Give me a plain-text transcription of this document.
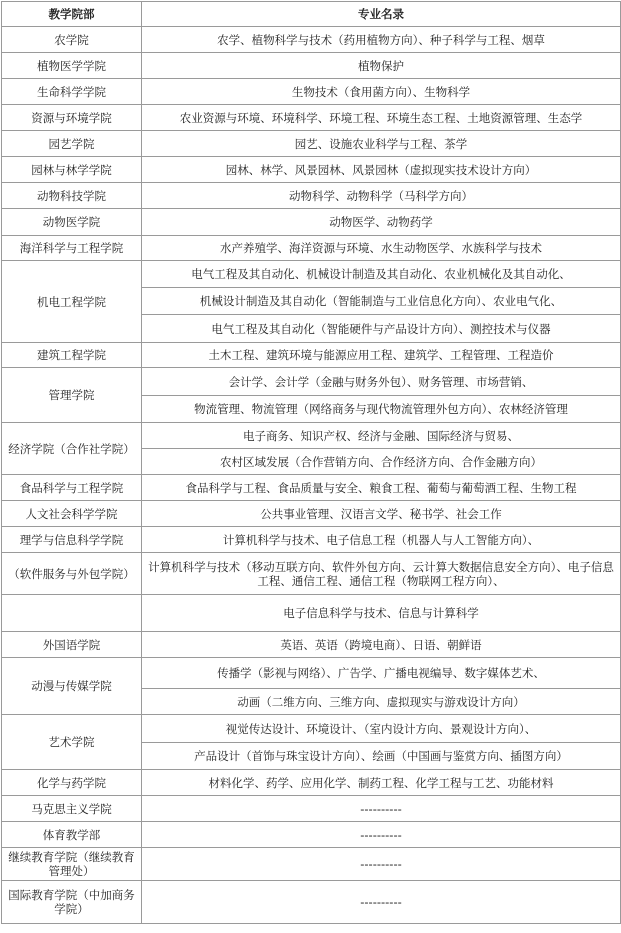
教学院部	专业名录
农学院	农学、植物科学与技术（药用植物方向）、种子科学与工程、烟草
植物医学学院	植物保护
生命科学学院	生物技术（食用菌方向）、生物科学
资源与环境学院	农业资源与环境、环境科学、环境工程、环境生态工程、土地资源管理、生态学
园艺学院	园艺、设施农业科学与工程、茶学
园林与林学学院	园林、林学、风景园林、风景园林（虚拟现实技术设计方向）
动物科技学院	动物科学、动物科学（马科学方向）
动物医学院	动物医学、动物药学
海洋科学与工程学院	水产养殖学、海洋资源与环境、水生动物医学、水族科学与技术
机电工程学院	电气工程及其自动化、机械设计制造及其自动化、农业机械化及其自动化、
	机械设计制造及其自动化（智能制造与工业信息化方向）、农业电气化、
	电气工程及其自动化（智能硬件与产品设计方向）、测控技术与仪器
建筑工程学院	土木工程、建筑环境与能源应用工程、建筑学、工程管理、工程造价
管理学院	会计学、会计学（金融与财务外包）、财务管理、市场营销、
	物流管理、物流管理（网络商务与现代物流管理外包方向）、农林经济管理
经济学院（合作社学院）	电子商务、知识产权、经济与金融、国际经济与贸易、
	农村区域发展（合作营销方向、合作经济方向、合作金融方向）
食品科学与工程学院	食品科学与工程、食品质量与安全、粮食工程、葡萄与葡萄酒工程、生物工程
人文社会科学学院	公共事业管理、汉语言文学、秘书学、社会工作
理学与信息科学学院	计算机科学与技术、电子信息工程（机器人与人工智能方向）、
（软件服务与外包学院）	计算机科学与技术（移动互联方向、软件外包方向、云计算大数据信息安全方向）、电子信息工程、通信工程、通信工程（物联网工程方向）、
	电子信息科学与技术、信息与计算科学
外国语学院	英语、英语（跨境电商）、日语、朝鲜语
动漫与传媒学院	传播学（影视与网络）、广告学、广播电视编导、数字媒体艺术、
	动画（二维方向、三维方向、虚拟现实与游戏设计方向）
艺术学院	视觉传达设计、环境设计、（室内设计方向、景观设计方向）、
	产品设计（首饰与珠宝设计方向）、绘画（中国画与鉴赏方向、插图方向）
化学与药学院	材料化学、药学、应用化学、制药工程、化学工程与工艺、功能材料
马克思主义学院	----------
体育教学部	----------
继续教育学院（继续教育管理处）	----------
国际教育学院（中加商务学院）	----------
